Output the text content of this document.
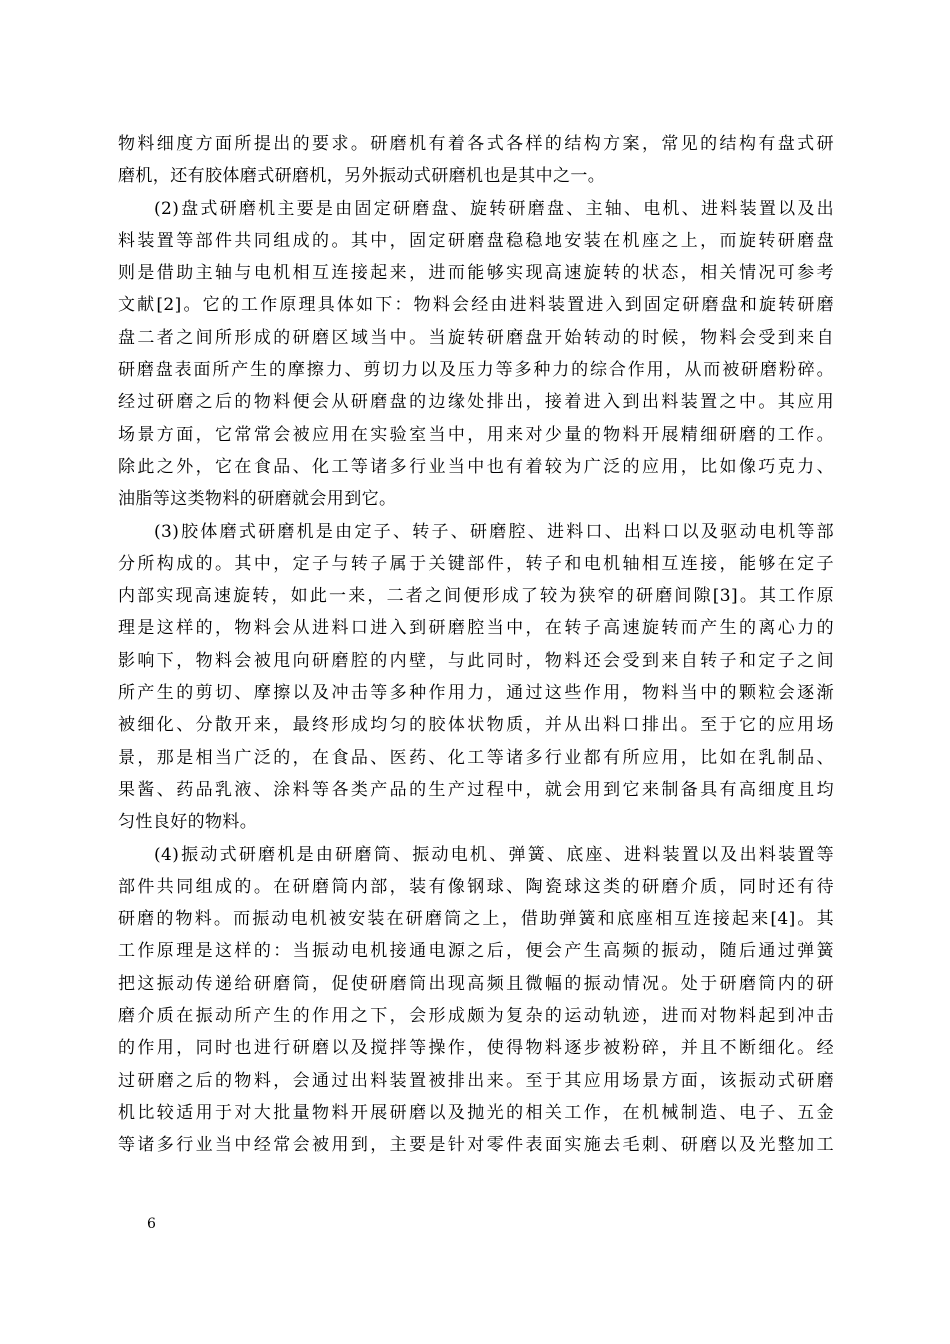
物料细度方面所提出的要求。研磨机有着各式各样的结构方案，常见的结构有盘式研
磨机，还有胶体磨式研磨机，另外振动式研磨机也是其中之一。
(2)盘式研磨机主要是由固定研磨盘、旋转研磨盘、主轴、电机、进料装置以及出
料装置等部件共同组成的。其中，固定研磨盘稳稳地安装在机座之上，而旋转研磨盘
则是借助主轴与电机相互连接起来，进而能够实现高速旋转的状态，相关情况可参考
文献[2]。它的工作原理具体如下：物料会经由进料装置进入到固定研磨盘和旋转研磨
盘二者之间所形成的研磨区域当中。当旋转研磨盘开始转动的时候，物料会受到来自
研磨盘表面所产生的摩擦力、剪切力以及压力等多种力的综合作用，从而被研磨粉碎。
经过研磨之后的物料便会从研磨盘的边缘处排出，接着进入到出料装置之中。其应用
场景方面，它常常会被应用在实验室当中，用来对少量的物料开展精细研磨的工作。
除此之外，它在食品、化工等诸多行业当中也有着较为广泛的应用，比如像巧克力、
油脂等这类物料的研磨就会用到它。
(3)胶体磨式研磨机是由定子、转子、研磨腔、进料口、出料口以及驱动电机等部
分所构成的。其中，定子与转子属于关键部件，转子和电机轴相互连接，能够在定子
内部实现高速旋转，如此一来，二者之间便形成了较为狭窄的研磨间隙[3]。其工作原
理是这样的，物料会从进料口进入到研磨腔当中，在转子高速旋转而产生的离心力的
影响下，物料会被甩向研磨腔的内壁，与此同时，物料还会受到来自转子和定子之间
所产生的剪切、摩擦以及冲击等多种作用力，通过这些作用，物料当中的颗粒会逐渐
被细化、分散开来，最终形成均匀的胶体状物质，并从出料口排出。至于它的应用场
景，那是相当广泛的，在食品、医药、化工等诸多行业都有所应用，比如在乳制品、
果酱、药品乳液、涂料等各类产品的生产过程中，就会用到它来制备具有高细度且均
匀性良好的物料。
(4)振动式研磨机是由研磨筒、振动电机、弹簧、底座、进料装置以及出料装置等
部件共同组成的。在研磨筒内部，装有像钢球、陶瓷球这类的研磨介质，同时还有待
研磨的物料。而振动电机被安装在研磨筒之上，借助弹簧和底座相互连接起来[4]。其
工作原理是这样的：当振动电机接通电源之后，便会产生高频的振动，随后通过弹簧
把这振动传递给研磨筒，促使研磨筒出现高频且微幅的振动情况。处于研磨筒内的研
磨介质在振动所产生的作用之下，会形成颇为复杂的运动轨迹，进而对物料起到冲击
的作用，同时也进行研磨以及搅拌等操作，使得物料逐步被粉碎，并且不断细化。经
过研磨之后的物料，会通过出料装置被排出来。至于其应用场景方面，该振动式研磨
机比较适用于对大批量物料开展研磨以及抛光的相关工作，在机械制造、电子、五金
等诸多行业当中经常会被用到，主要是针对零件表面实施去毛刺、研磨以及光整加工
6
